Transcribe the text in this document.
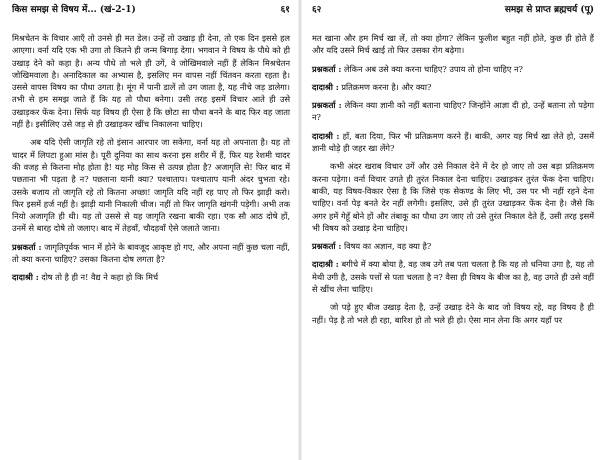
किस समझ से विषय में... (खं-2-1)	६१

मिश्रचेतन के विचार आएँ तो उनसे ही मत डेल। उन्हें तो उखाड़ ही देना, तो एक दिन इससे हल आएगा। वर्ना यदि एक भी उगा तो कितने ही जन्म बिगाड़ देगा। भगवान ने विषय के पौधे को ही उखाड़ देने को कहा है। अन्य पौधे तो भले ही उगें, वे जोखिमवाले नहीं हैं लेकिन मिश्रचेतन जोखिमवाला है। अनादिकाल का अभ्यास है, इसलिए मन वापस नहीं चिंतवन करता रहता है। उससे वापस विषय का पौधा उगता है। मूंग में पानी डालें तो उग जाता है, यह नीचे जड़ डालेगा। तभी से हम समझ जाते हैं कि यह तो पौधा बनेगा। उसी तरह इसमें विचार आते ही उसे उखाड़कर फेंक देना। सिर्फ यह विषय ही ऐसा है कि छोटा सा पौधा बनने के बाद फिर वह जाता नहीं है। इसीलिए उसे जड़ से ही उखाड़कर खींच निकालना चाहिए।

अब यदि ऐसी जागृति रहे तो इंसान आरपार जा सकेगा, वर्ना यह तो अपनाता है। यह तो चादर में लिपटा हुआ मांस है। पूरी दुनिया का साथ करना इस शरीर में हैं, फिर यह रेशमी चादर की वजह से कितना मोह होता है! यह मोह किस से उत्पन्न होता है? अजागृति से! फिर बाद में पछताना भी पड़ता है न? पछताना यानी क्या? पश्चाताप। पश्चाताप यानी अंदर चुभता रहे। उसके बजाय तो जागृति रहे तो कितना अच्छा! जागृति यदि नहीं रह पाए तो फिर झाड़ी करो। फिर इसमें हर्ज नहीं है। झाड़ी यानी निकाली चीज। नहीं तो फिर जागृति खंगनी पड़ेगी। अभी तक नियो अजागृति ही थी। यह तो उससे से यह जागृति रखना बाकी रहा। एक सौ आठ दोषे हों, उनमें से बारह दोषे तो जलाए। बाद में तेहवाँ, चौदहवाँ ऐसे जलाते जाना।

प्रश्नकर्ता : जागृतिपूर्वक भान में होने के बावजूद आकृष्ट हो गए, और अपना नहीं कुछ चला नहीं, तो क्या करना चाहिए? उसका कितना दोष लगता है?

दादाश्री : दोष तो है ही न! वैद्य ने कहा हो कि मिर्च

६२	समझ से प्राप्त ब्रह्मचर्य (पू)

मत खाना और हम मिर्च खा लें, तो क्या होगा? लेकिन फुलीश बहुत नहीं होते, कुछ ही होते हैं और यदि उसने मिर्च खाई तो फिर उसका रोग बढ़ेगा।

प्रश्नकर्ता : लेकिन अब उसे क्या करना चाहिए? उपाय तो होना चाहिए न?

दादाश्री : प्रतिक्रमण करना है। और क्या?

प्रश्नकर्ता : लेकिन क्या ज्ञानी को नहीं बताना चाहिए? जिन्होंने आज्ञा दी हो, उन्हें बताना तो पड़ेगा न?

दादाश्री : हाँ, बता दिया, फिर भी प्रतिक्रमण करने हैं। बाकी, अगर यह मिर्च खा लेते हो, उसमें ज्ञानी थोड़े ही जहर खा लेंगे?

कभी अंदर खराब विचार उगें और उसे निकाल देने में देर हो जाए तो उस बड़ा प्रतिक्रमण करना पड़ेगा। वर्ना विचार उगते ही तुरंत निकाल देना चाहिए। उखाड़कर तुरंत फेंक देना चाहिए। बाकी, यह विषय-विकार ऐसा है कि जिसे एक सेकण्ड के लिए भी, उस पर भी नहीं रहने देना चाहिए। वर्ना पेड़ बनते देर नहीं लगेगी। इसलिए, उसे ही तुरंत उखाड़कर फेंक देना है। जैसे कि अगर हमें गेहूँ बोने हों और तंबाकू का पौधा उग जाए तो उसे तुरंत निकाल देते हैं, उसी तरह इसमें भी विषय को उखाड़ देना चाहिए।

प्रश्नकर्ता : विषय का अज्ञान, वह क्या है?

दादाश्री : बगीचे में क्या बोया है, वह जब उगे तब पता चलता है कि यह तो धनिया उगा है, यह तो मेथी उगी है, उसके पत्तों से पता चलता है न? वैसा ही विषय के बीज का है, वह उगते ही उसे वहीं से खींच लेना चाहिए।

जो पड़े हुए बीज उखाड़ देता है, उन्हें उखाड़ देने के बाद जो विषय रहे, वह विषय है ही नहीं। पेड़ है तो भले ही रहा, बारिश हो तो भले ही हो। ऐसा मान लेना कि अगर यहाँ पर
